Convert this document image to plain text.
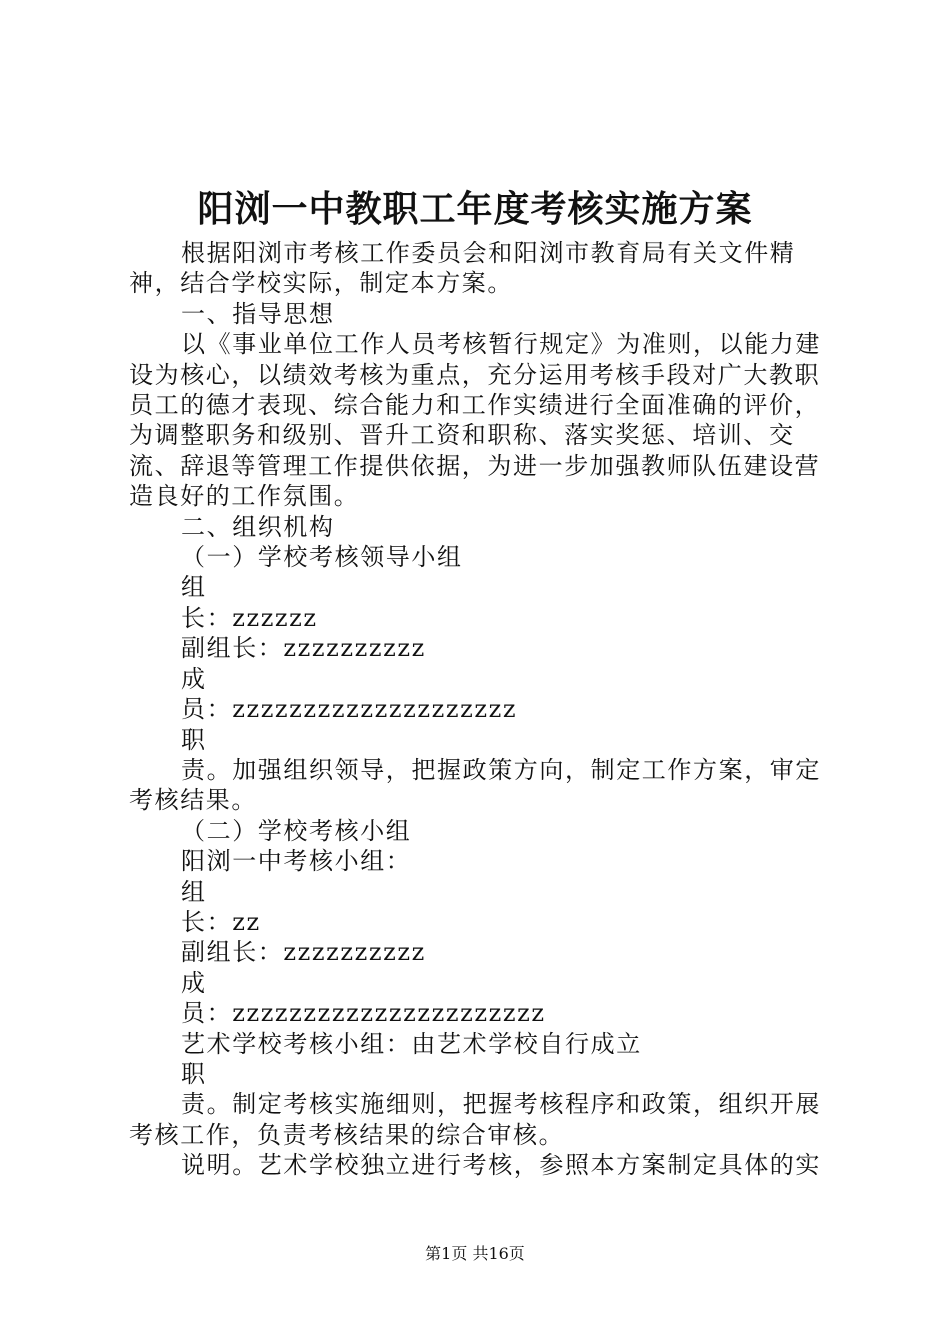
阳浏一中教职工年度考核实施方案

根据阳浏市考核工作委员会和阳浏市教育局有关文件精神，结合学校实际，制定本方案。

一、指导思想

以《事业单位工作人员考核暂行规定》为准则，以能力建设为核心，以绩效考核为重点，充分运用考核手段对广大教职员工的德才表现、综合能力和工作实绩进行全面准确的评价，为调整职务和级别、晋升工资和职称、落实奖惩、培训、交流、辞退等管理工作提供依据，为进一步加强教师队伍建设营造良好的工作氛围。

二、组织机构

（一）学校考核领导小组

组

长：zzzzzz

副组长：zzzzzzzzzz

成

员：zzzzzzzzzzzzzzzzzzzz

职

责。加强组织领导，把握政策方向，制定工作方案，审定考核结果。

（二）学校考核小组

阳浏一中考核小组：

组

长：zz

副组长：zzzzzzzzzz

成

员：zzzzzzzzzzzzzzzzzzzzzz

艺术学校考核小组：由艺术学校自行成立

职

责。制定考核实施细则，把握考核程序和政策，组织开展考核工作，负责考核结果的综合审核。

说明。艺术学校独立进行考核，参照本方案制定具体的实

第1页 共16页
